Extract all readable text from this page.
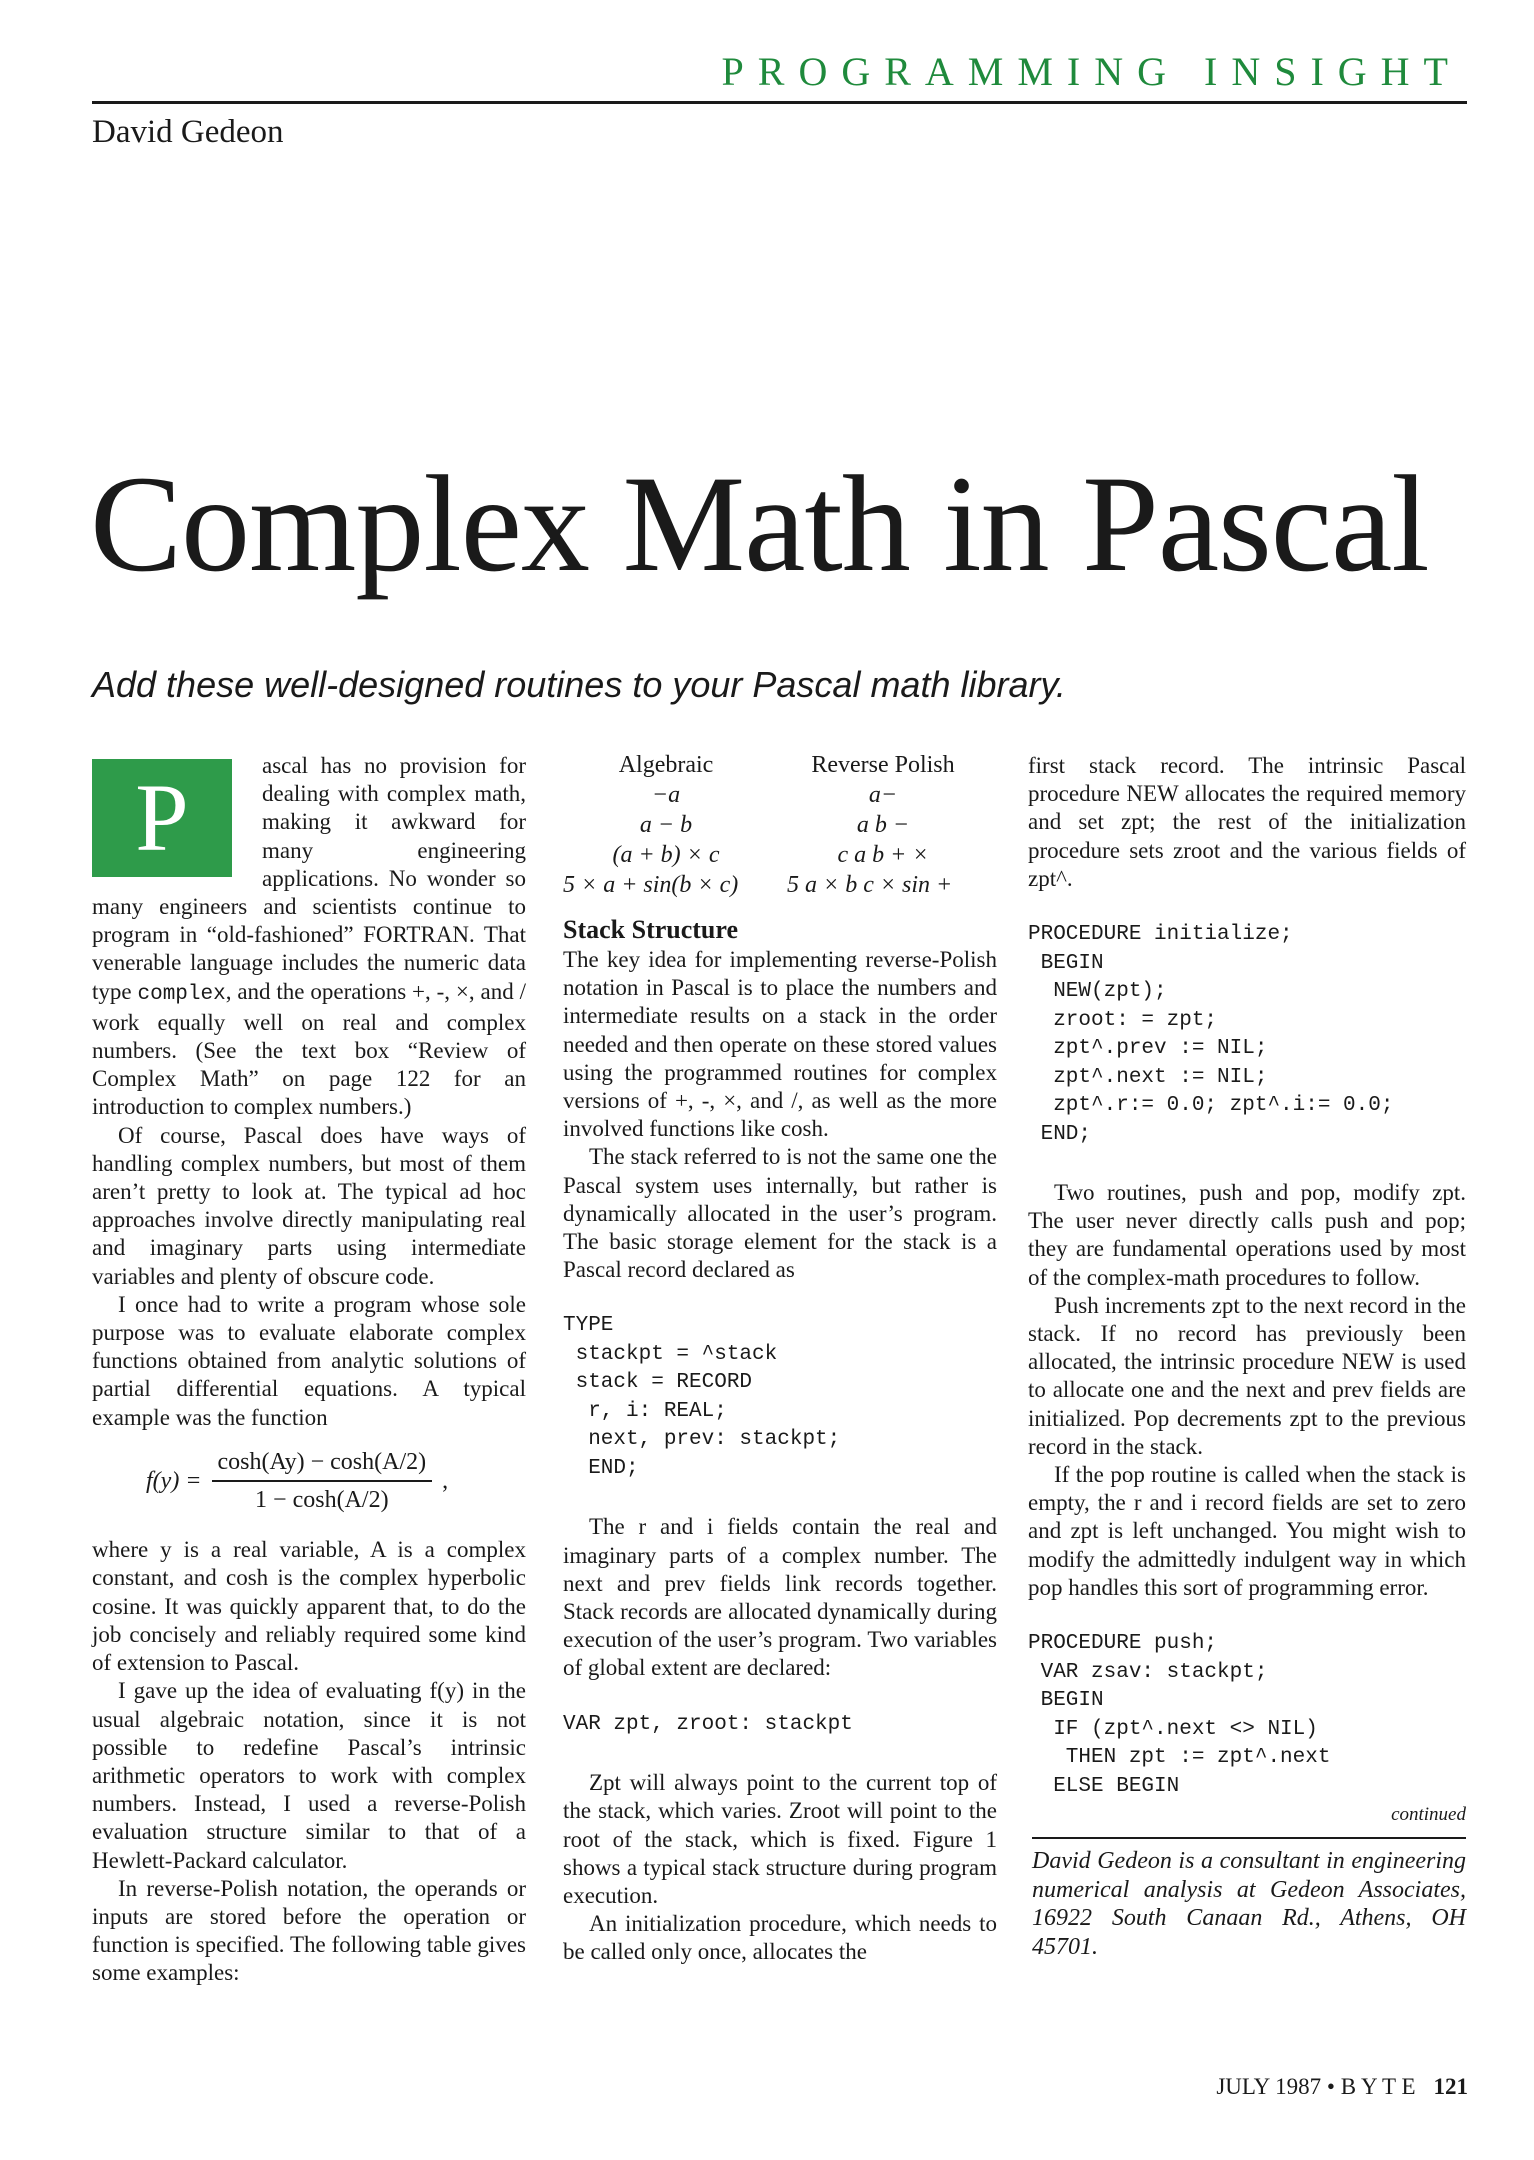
PROGRAMMING INSIGHT
David Gedeon
Complex Math in Pascal
Add these well-designed routines to your Pascal math library.

P	ascal has no provision for dealing with complex math, making it awkward for many engineering applications. No wonder so many engineers and scientists continue to program in “old-fashioned” FORTRAN. That venerable language includes the numeric data type complex, and the operations +, -, ×, and / work equally well on real and complex numbers. (See the text box “Review of Complex Math” on page 122 for an introduction to complex numbers.)

Of course, Pascal does have ways of handling complex numbers, but most of them aren’t pretty to look at. The typical ad hoc approaches involve directly manipulating real and imaginary parts using intermediate variables and plenty of obscure code.

I once had to write a program whose sole purpose was to evaluate elaborate complex functions obtained from analytic solutions of partial differential equations. A typical example was the function

$f(y) = \frac{\cosh(Ay) - \cosh(A/2)}{1 - \cosh(A/2)}$ ,

where y is a real variable, A is a complex constant, and cosh is the complex hyperbolic cosine. It was quickly apparent that, to do the job concisely and reliably required some kind of extension to Pascal.

I gave up the idea of evaluating f(y) in the usual algebraic notation, since it is not possible to redefine Pascal’s intrinsic arithmetic operators to work with complex numbers. Instead, I used a reverse-Polish evaluation structure similar to that of a Hewlett-Packard calculator.

In reverse-Polish notation, the operands or inputs are stored before the operation or function is specified. The following table gives some examples:

Algebraic	Reverse Polish
−a	a−
a − b	a b −
(a + b) × c	c a b + ×
5 × a + sin(b × c)	5 a × b c × sin +
Stack Structure

The key idea for implementing reverse-Polish notation in Pascal is to place the numbers and intermediate results on a stack in the order needed and then operate on these stored values using the programmed routines for complex versions of +, -, ×, and /, as well as the more involved functions like cosh.

The stack referred to is not the same one the Pascal system uses internally, but rather is dynamically allocated in the user’s program. The basic storage element for the stack is a Pascal record declared as

TYPE
stackpt = ^stack
stack = RECORD
r, i: REAL;
next, prev: stackpt;
END;

The r and i fields contain the real and imaginary parts of a complex number. The next and prev fields link records together. Stack records are allocated dynamically during execution of the user’s program. Two variables of global extent are declared:

VAR zpt, zroot: stackpt

Zpt will always point to the current top of the stack, which varies. Zroot will point to the root of the stack, which is fixed. Figure 1 shows a typical stack structure during program execution.

An initialization procedure, which needs to be called only once, allocates the

first stack record. The intrinsic Pascal procedure NEW allocates the required memory and set zpt; the rest of the initialization procedure sets zroot and the various fields of zpt^.

PROCEDURE initialize;
BEGIN
NEW(zpt);
zroot: = zpt;
zpt^.prev := NIL;
zpt^.next := NIL;
zpt^.r:= 0.0; zpt^.i:= 0.0;
END;

Two routines, push and pop, modify zpt. The user never directly calls push and pop; they are fundamental operations used by most of the complex-math procedures to follow.

Push increments zpt to the next record in the stack. If no record has previously been allocated, the intrinsic procedure NEW is used to allocate one and the next and prev fields are initialized. Pop decrements zpt to the previous record in the stack.

If the pop routine is called when the stack is empty, the r and i record fields are set to zero and zpt is left unchanged. You might wish to modify the admittedly indulgent way in which pop handles this sort of programming error.

PROCEDURE push;
VAR zsav: stackpt;
BEGIN
IF (zpt^.next <> NIL)
THEN zpt := zpt^.next
ELSE BEGIN
continued
David Gedeon is a consultant in engineering numerical analysis at Gedeon Associates, 16922 South Canaan Rd., Athens, OH 45701.
JULY 1987 • B Y T E 121
